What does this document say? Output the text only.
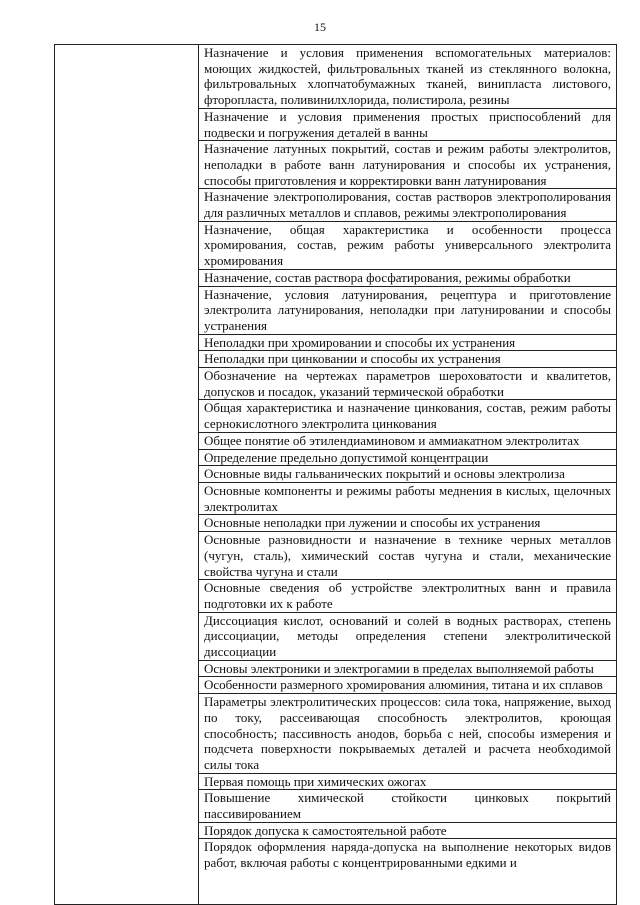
15

Назначение и условия применения вспомогательных материалов: моющих жидкостей, фильтровальных тканей из стеклянного волокна, фильтровальных хлопчатобумажных тканей, винипласта листового, фторопласта, поливинилхлорида, полистирола, резины
Назначение и условия применения простых приспособлений для подвески и погружения деталей в ванны
Назначение латунных покрытий, состав и режим работы электролитов, неполадки в работе ванн латунирования и способы их устранения, способы приготовления и корректировки ванн латунирования
Назначение электрополирования, состав растворов электрополирования для различных металлов и сплавов, режимы электрополирования
Назначение, общая характеристика и особенности процесса хромирования, состав, режим работы универсального электролита хромирования
Назначение, состав раствора фосфатирования, режимы обработки
Назначение, условия латунирования, рецептура и приготовление электролита латунирования, неполадки при латунировании и способы устранения
Неполадки при хромировании и способы их устранения
Неполадки при цинковании и способы их устранения
Обозначение на чертежах параметров шероховатости и квалитетов, допусков и посадок, указаний термической обработки
Общая характеристика и назначение цинкования, состав, режим работы сернокислотного электролита цинкования
Общее понятие об этилендиаминовом и аммиакатном электролитах
Определение предельно допустимой концентрации
Основные виды гальванических покрытий и основы электролиза
Основные компоненты и режимы работы меднения в кислых, щелочных электролитах
Основные неполадки при лужении и способы их устранения
Основные разновидности и назначение в технике черных металлов (чугун, сталь), химический состав чугуна и стали, механические свойства чугуна и стали
Основные сведения об устройстве электролитных ванн и правила подготовки их к работе
Диссоциация кислот, оснований и солей в водных растворах, степень диссоциации, методы определения степени электролитической диссоциации
Основы электроники и электрогамии в пределах выполняемой работы
Особенности размерного хромирования алюминия, титана и их сплавов
Параметры электролитических процессов: сила тока, напряжение, выход по току, рассеивающая способность электролитов, кроющая способность; пассивность анодов, борьба с ней, способы измерения и подсчета поверхности покрываемых деталей и расчета необходимой силы тока
Первая помощь при химических ожогах
Повышение химической стойкости цинковых покрытий пассивированием
Порядок допуска к самостоятельной работе
Порядок оформления наряда-допуска на выполнение некоторых видов работ, включая работы с концентрированными едкими и
